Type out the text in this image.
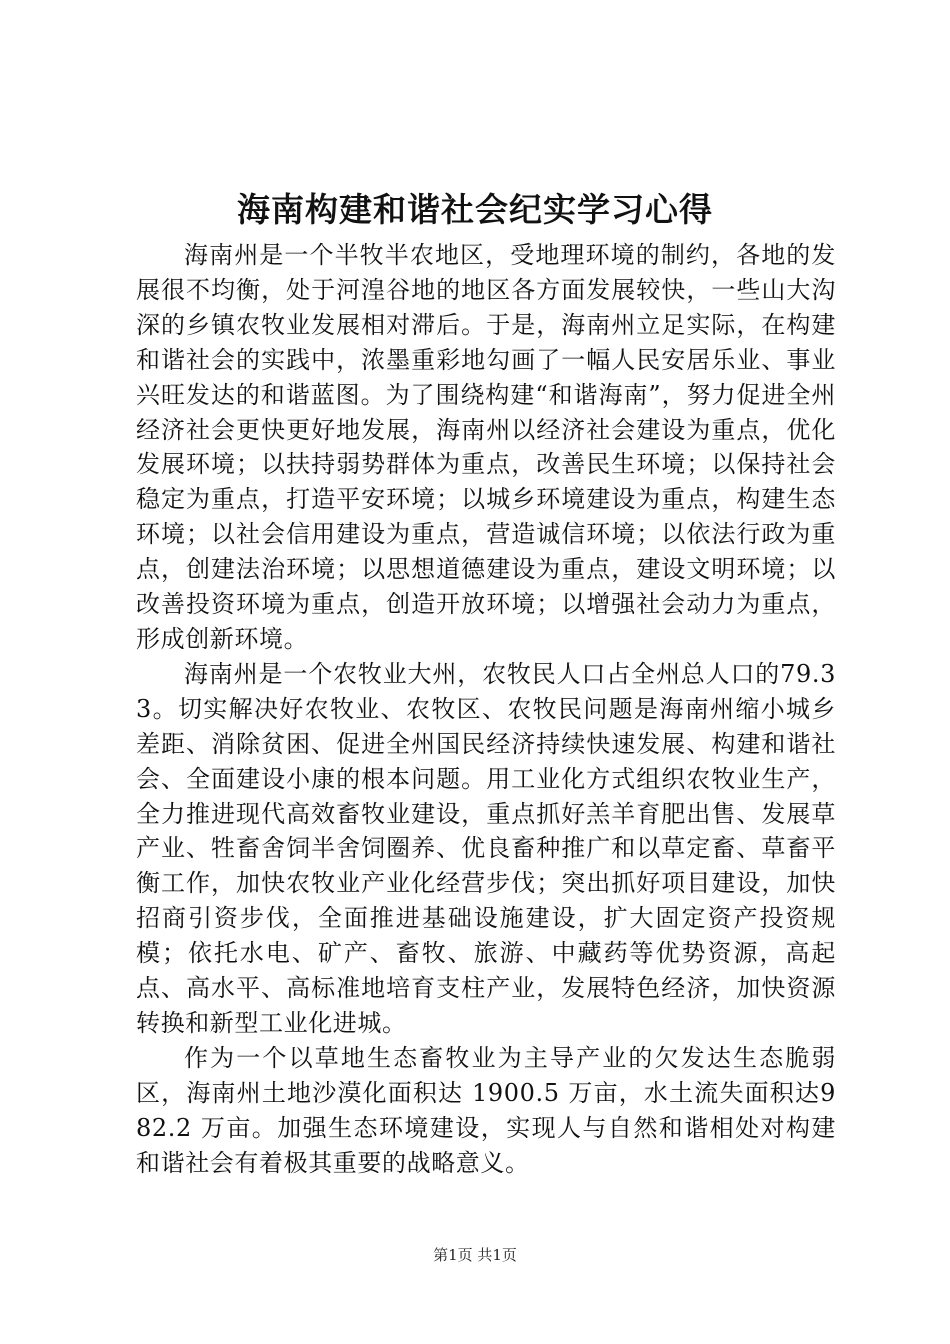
海南构建和谐社会纪实学习心得

海南州是一个半牧半农地区，受地理环境的制约，各地的发展很不均衡，处于河湟谷地的地区各方面发展较快，一些山大沟深的乡镇农牧业发展相对滞后。于是，海南州立足实际，在构建和谐社会的实践中，浓墨重彩地勾画了一幅人民安居乐业、事业兴旺发达的和谐蓝图。为了围绕构建“和谐海南”，努力促进全州经济社会更快更好地发展，海南州以经济社会建设为重点，优化发展环境；以扶持弱势群体为重点，改善民生环境；以保持社会稳定为重点，打造平安环境；以城乡环境建设为重点，构建生态环境；以社会信用建设为重点，营造诚信环境；以依法行政为重点，创建法治环境；以思想道德建设为重点，建设文明环境；以改善投资环境为重点，创造开放环境；以增强社会动力为重点，形成创新环境。

海南州是一个农牧业大州，农牧民人口占全州总人口的79.33。切实解决好农牧业、农牧区、农牧民问题是海南州缩小城乡差距、消除贫困、促进全州国民经济持续快速发展、构建和谐社会、全面建设小康的根本问题。用工业化方式组织农牧业生产，全力推进现代高效畜牧业建设，重点抓好羔羊育肥出售、发展草产业、牲畜舍饲半舍饲圈养、优良畜种推广和以草定畜、草畜平衡工作，加快农牧业产业化经营步伐；突出抓好项目建设，加快招商引资步伐，全面推进基础设施建设，扩大固定资产投资规模；依托水电、矿产、畜牧、旅游、中藏药等优势资源，高起点、高水平、高标准地培育支柱产业，发展特色经济，加快资源转换和新型工业化进城。

作为一个以草地生态畜牧业为主导产业的欠发达生态脆弱区，海南州土地沙漠化面积达 1900.5 万亩，水土流失面积达982.2 万亩。加强生态环境建设，实现人与自然和谐相处对构建和谐社会有着极其重要的战略意义。

第1页 共1页
